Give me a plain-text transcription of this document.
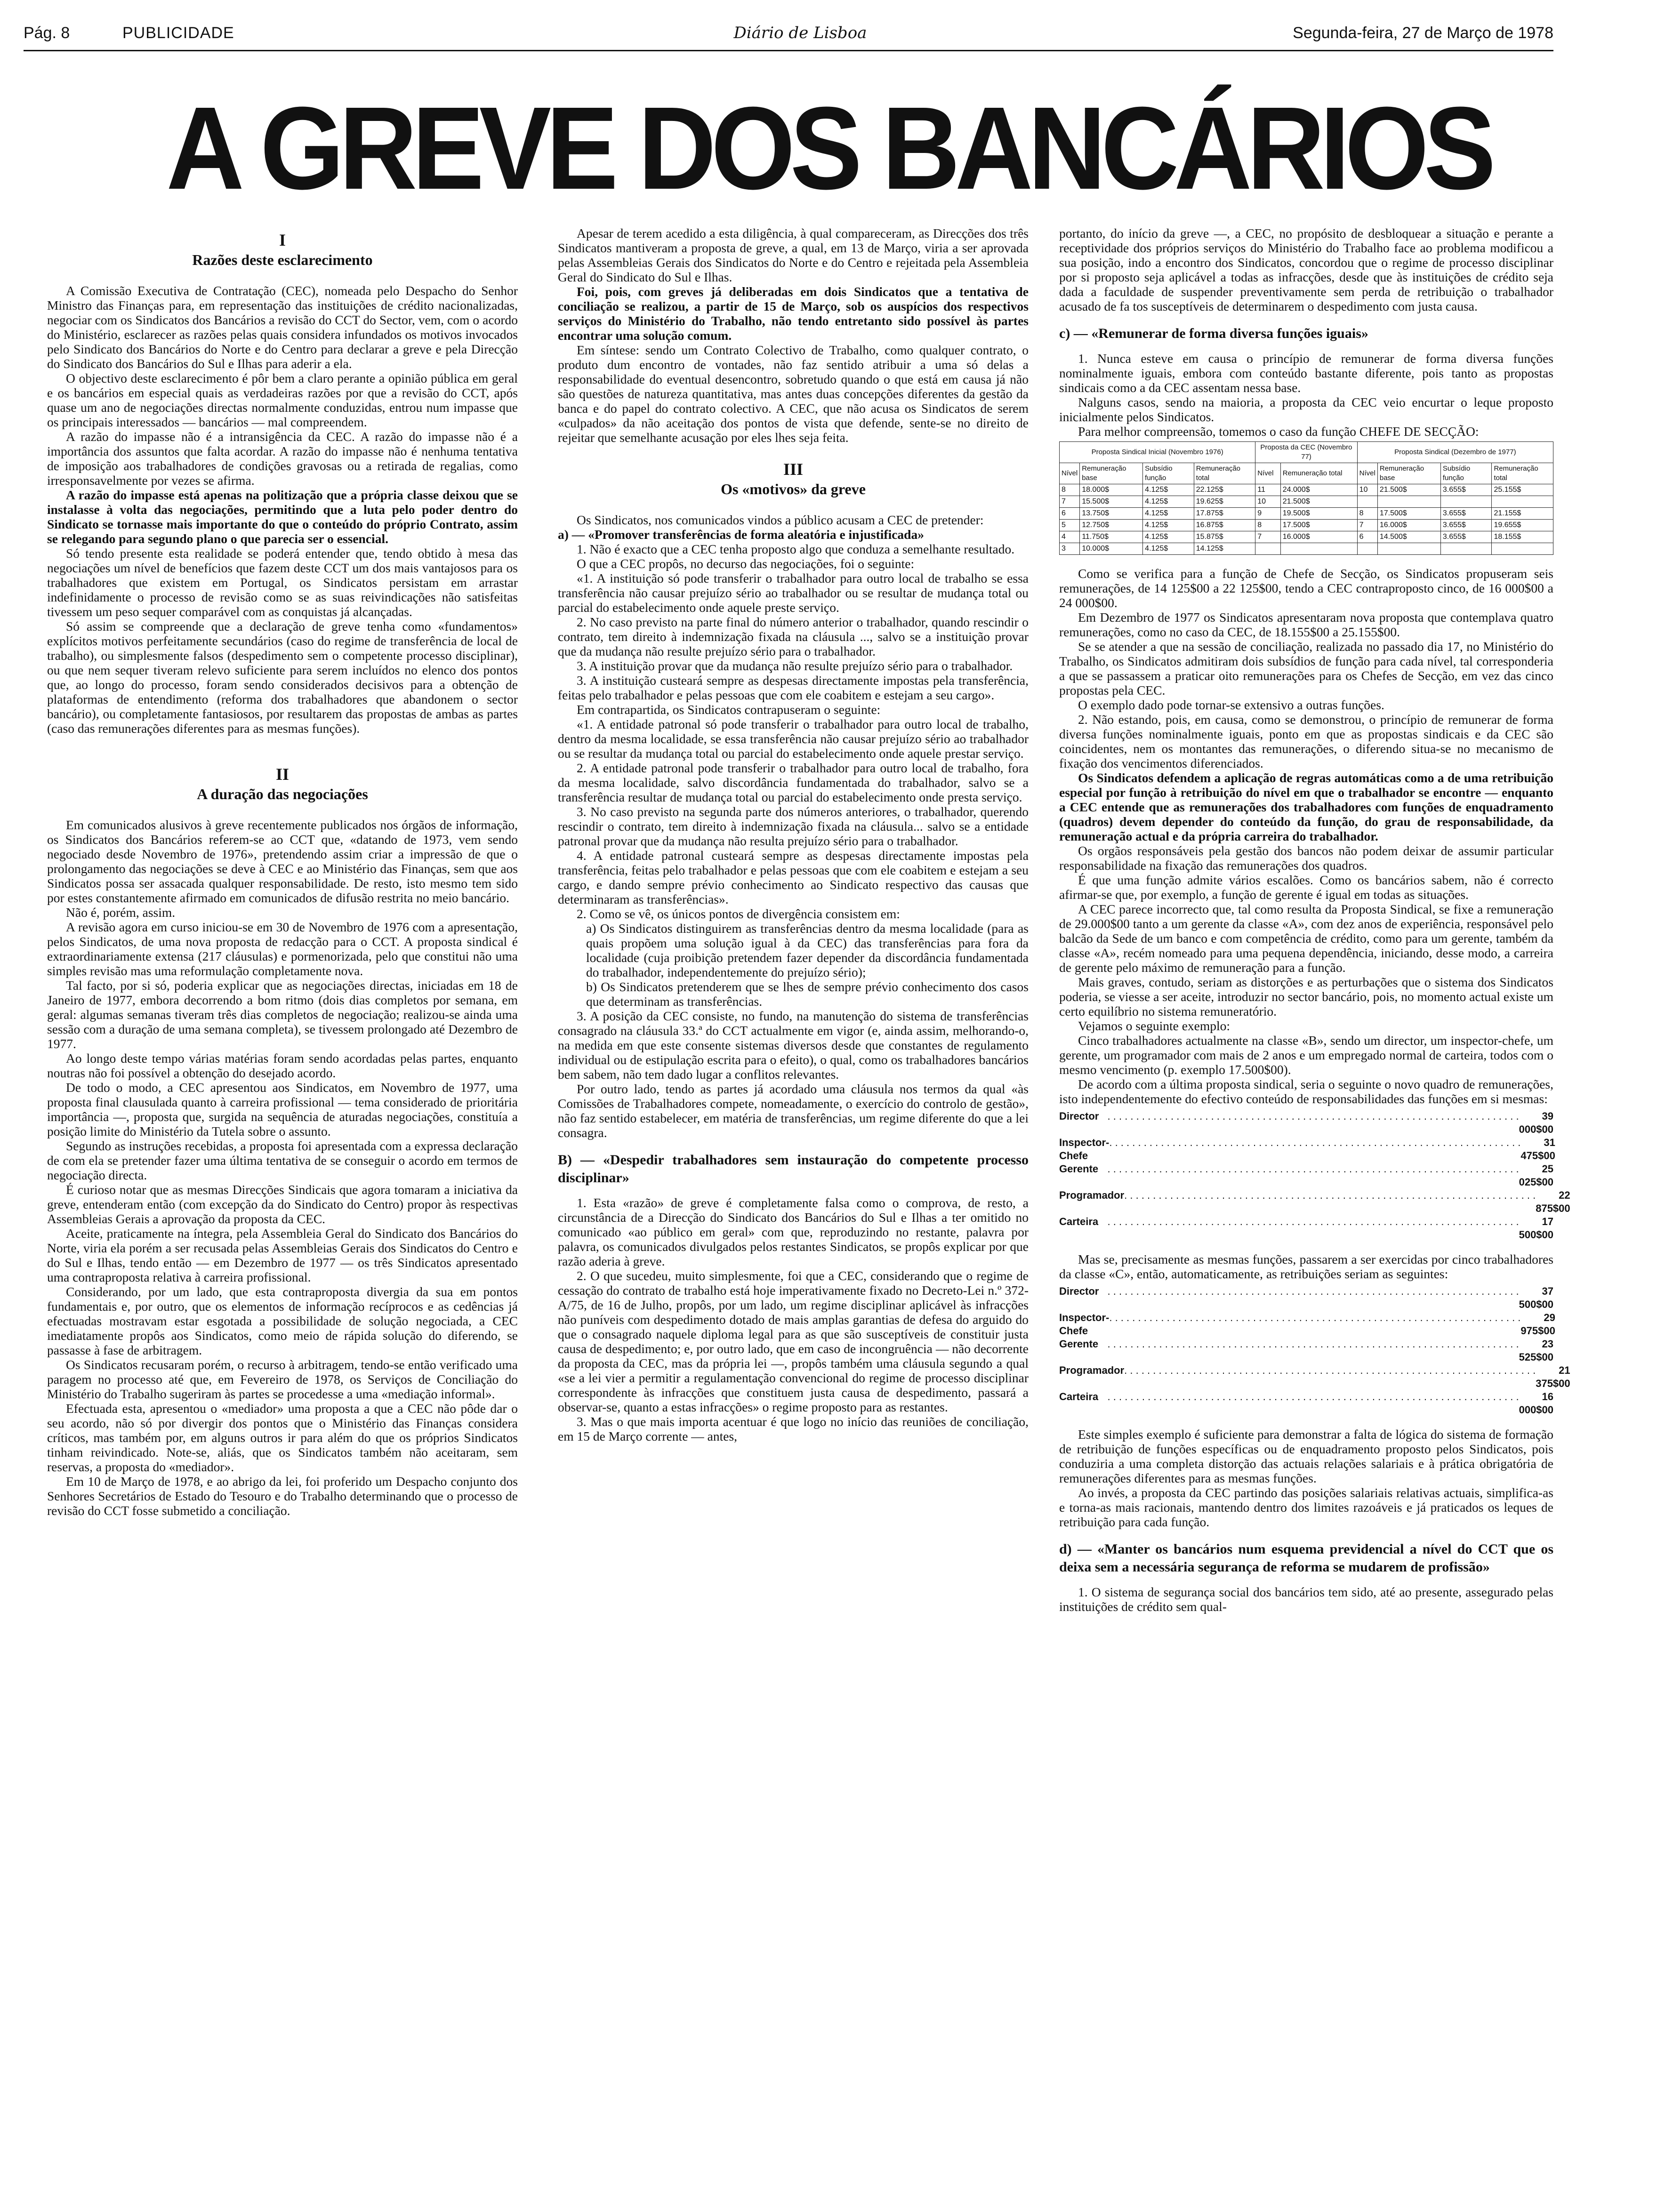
Pág. 8	PUBLICIDADE	Diário de Lisboa	Segunda-feira, 27 de Março de 1978
A GREVE DOS BANCÁRIOS
I
Razões deste esclarecimento

A Comissão Executiva de Contratação (CEC), nomeada pelo Despacho do Senhor Ministro das Finanças para, em representação das instituições de crédito nacionalizadas, negociar com os Sindicatos dos Bancários a revisão do CCT do Sector, vem, com o acordo do Ministério, esclarecer as razões pelas quais considera infundados os motivos invocados pelo Sindicato dos Bancários do Norte e do Centro para declarar a greve e pela Direcção do Sindicato dos Bancários do Sul e Ilhas para aderir a ela.

O objectivo deste esclarecimento é pôr bem a claro perante a opinião pública em geral e os bancários em especial quais as verdadeiras razões por que a revisão do CCT, após quase um ano de negociações directas normalmente conduzidas, entrou num impasse que os principais interessados — bancários — mal compreendem.

A razão do impasse não é a intransigência da CEC. A razão do impasse não é a importância dos assuntos que falta acordar. A razão do impasse não é nenhuma tentativa de imposição aos trabalhadores de condições gravosas ou a retirada de regalias, como irresponsavelmente por vezes se afirma.

A razão do impasse está apenas na politização que a própria classe deixou que se instalasse à volta das negociações, permitindo que a luta pelo poder dentro do Sindicato se tornasse mais importante do que o conteúdo do próprio Contrato, assim se relegando para segundo plano o que parecia ser o essencial.

Só tendo presente esta realidade se poderá entender que, tendo obtido à mesa das negociações um nível de benefícios que fazem deste CCT um dos mais vantajosos para os trabalhadores que existem em Portugal, os Sindicatos persistam em arrastar indefinidamente o processo de revisão como se as suas reivindicações não satisfeitas tivessem um peso sequer comparável com as conquistas já alcançadas.

Só assim se compreende que a declaração de greve tenha como «fundamentos» explícitos motivos perfeitamente secundários (caso do regime de transferência de local de trabalho), ou simplesmente falsos (despedimento sem o competente processo disciplinar), ou que nem sequer tiveram relevo suficiente para serem incluídos no elenco dos pontos que, ao longo do processo, foram sendo considerados decisivos para a obtenção de plataformas de entendimento (reforma dos trabalhadores que abandonem o sector bancário), ou completamente fantasiosos, por resultarem das propostas de ambas as partes (caso das remunerações diferentes para as mesmas funções).

II
A duração das negociações

Em comunicados alusivos à greve recentemente publicados nos órgãos de informação, os Sindicatos dos Bancários referem-se ao CCT que, «datando de 1973, vem sendo negociado desde Novembro de 1976», pretendendo assim criar a impressão de que o prolongamento das negociações se deve à CEC e ao Ministério das Finanças, sem que aos Sindicatos possa ser assacada qualquer responsabilidade. De resto, isto mesmo tem sido por estes constantemente afirmado em comunicados de difusão restrita no meio bancário.

Não é, porém, assim.

A revisão agora em curso iniciou-se em 30 de Novembro de 1976 com a apresentação, pelos Sindicatos, de uma nova proposta de redacção para o CCT. A proposta sindical é extraordinariamente extensa (217 cláusulas) e pormenorizada, pelo que constitui não uma simples revisão mas uma reformulação completamente nova.

Tal facto, por si só, poderia explicar que as negociações directas, iniciadas em 18 de Janeiro de 1977, embora decorrendo a bom ritmo (dois dias completos por semana, em geral: algumas semanas tiveram três dias completos de negociação; realizou-se ainda uma sessão com a duração de uma semana completa), se tivessem prolongado até Dezembro de 1977.

Ao longo deste tempo várias matérias foram sendo acordadas pelas partes, enquanto noutras não foi possível a obtenção do desejado acordo.

De todo o modo, a CEC apresentou aos Sindicatos, em Novembro de 1977, uma proposta final clausulada quanto à carreira profissional — tema considerado de prioritária importância —, proposta que, surgida na sequência de aturadas negociações, constituía a posição limite do Ministério da Tutela sobre o assunto.

Segundo as instruções recebidas, a proposta foi apresentada com a expressa declaração de com ela se pretender fazer uma última tentativa de se conseguir o acordo em termos de negociação directa.

É curioso notar que as mesmas Direcções Sindicais que agora tomaram a iniciativa da greve, entenderam então (com excepção da do Sindicato do Centro) propor às respectivas Assembleias Gerais a aprovação da proposta da CEC.

Aceite, praticamente na íntegra, pela Assembleia Geral do Sindicato dos Bancários do Norte, viria ela porém a ser recusada pelas Assembleias Gerais dos Sindicatos do Centro e do Sul e Ilhas, tendo então — em Dezembro de 1977 — os três Sindicatos apresentado uma contraproposta relativa à carreira profissional.

Considerando, por um lado, que esta contraproposta divergia da sua em pontos fundamentais e, por outro, que os elementos de informação recíprocos e as cedências já efectuadas mostravam estar esgotada a possibilidade de solução negociada, a CEC imediatamente propôs aos Sindicatos, como meio de rápida solução do diferendo, se passasse à fase de arbitragem.

Os Sindicatos recusaram porém, o recurso à arbitragem, tendo-se então verificado uma paragem no processo até que, em Fevereiro de 1978, os Serviços de Conciliação do Ministério do Trabalho sugeriram às partes se procedesse a uma «mediação informal».

Efectuada esta, apresentou o «mediador» uma proposta a que a CEC não pôde dar o seu acordo, não só por divergir dos pontos que o Ministério das Finanças considera críticos, mas também por, em alguns outros ir para além do que os próprios Sindicatos tinham reivindicado. Note-se, aliás, que os Sindicatos também não aceitaram, sem reservas, a proposta do «mediador».

Em 10 de Março de 1978, e ao abrigo da lei, foi proferido um Despacho conjunto dos Senhores Secretários de Estado do Tesouro e do Trabalho determinando que o processo de revisão do CCT fosse submetido a conciliação.

Apesar de terem acedido a esta diligência, à qual compareceram, as Direcções dos três Sindicatos mantiveram a proposta de greve, a qual, em 13 de Março, viria a ser aprovada pelas Assembleias Gerais dos Sindicatos do Norte e do Centro e rejeitada pela Assembleia Geral do Sindicato do Sul e Ilhas.

Foi, pois, com greves já deliberadas em dois Sindicatos que a tentativa de conciliação se realizou, a partir de 15 de Março, sob os auspícios dos respectivos serviços do Ministério do Trabalho, não tendo entretanto sido possível às partes encontrar uma solução comum.

Em síntese: sendo um Contrato Colectivo de Trabalho, como qualquer contrato, o produto dum encontro de vontades, não faz sentido atribuir a uma só delas a responsabilidade do eventual desencontro, sobretudo quando o que está em causa já não são questões de natureza quantitativa, mas antes duas concepções diferentes da gestão da banca e do papel do contrato colectivo. A CEC, que não acusa os Sindicatos de serem «culpados» da não aceitação dos pontos de vista que defende, sente-se no direito de rejeitar que semelhante acusação por eles lhes seja feita.

III
Os «motivos» da greve

Os Sindicatos, nos comunicados vindos a público acusam a CEC de pretender:

a) — «Promover transferências de forma aleatória e injustificada»

1. Não é exacto que a CEC tenha proposto algo que conduza a semelhante resultado.

O que a CEC propôs, no decurso das negociações, foi o seguinte:

«1. A instituição só pode transferir o trabalhador para outro local de trabalho se essa transferência não causar prejuízo sério ao trabalhador ou se resultar de mudança total ou parcial do estabelecimento onde aquele preste serviço.

2. No caso previsto na parte final do número anterior o trabalhador, quando rescindir o contrato, tem direito à indemnização fixada na cláusula ..., salvo se a instituição provar que da mudança não resulte prejuízo sério para o trabalhador.

3. A instituição provar que da mudança não resulte prejuízo sério para o trabalhador.

3. A instituição custeará sempre as despesas directamente impostas pela transferência, feitas pelo trabalhador e pelas pessoas que com ele coabitem e estejam a seu cargo».

Em contrapartida, os Sindicatos contrapuseram o seguinte:

«1. A entidade patronal só pode transferir o trabalhador para outro local de trabalho, dentro da mesma localidade, se essa transferência não causar prejuízo sério ao trabalhador ou se resultar da mudança total ou parcial do estabelecimento onde aquele prestar serviço.

2. A entidade patronal pode transferir o trabalhador para outro local de trabalho, fora da mesma localidade, salvo discordância fundamentada do trabalhador, salvo se a transferência resultar de mudança total ou parcial do estabelecimento onde presta serviço.

3. No caso previsto na segunda parte dos números anteriores, o trabalhador, querendo rescindir o contrato, tem direito à indemnização fixada na cláusula... salvo se a entidade patronal provar que da mudança não resulta prejuízo sério para o trabalhador.

4. A entidade patronal custeará sempre as despesas directamente impostas pela transferência, feitas pelo trabalhador e pelas pessoas que com ele coabitem e estejam a seu cargo, e dando sempre prévio conhecimento ao Sindicato respectivo das causas que determinaram as transferências».

2. Como se vê, os únicos pontos de divergência consistem em:

a) Os Sindicatos distinguirem as transferências dentro da mesma localidade (para as quais propõem uma solução igual à da CEC) das transferências para fora da localidade (cuja proibição pretendem fazer depender da discordância fundamentada do trabalhador, independentemente do prejuízo sério);

b) Os Sindicatos pretenderem que se lhes de sempre prévio conhecimento dos casos que determinam as transferências.

3. A posição da CEC consiste, no fundo, na manutenção do sistema de transferências consagrado na cláusula 33.ª do CCT actualmente em vigor (e, ainda assim, melhorando-o, na medida em que este consente sistemas diversos desde que constantes de regulamento individual ou de estipulação escrita para o efeito), o qual, como os trabalhadores bancários bem sabem, não tem dado lugar a conflitos relevantes.

Por outro lado, tendo as partes já acordado uma cláusula nos termos da qual «às Comissões de Trabalhadores compete, nomeadamente, o exercício do controlo de gestão», não faz sentido estabelecer, em matéria de transferências, um regime diferente do que a lei consagra.

B) — «Despedir trabalhadores sem instauração do competente processo disciplinar»

1. Esta «razão» de greve é completamente falsa como o comprova, de resto, a circunstância de a Direcção do Sindicato dos Bancários do Sul e Ilhas a ter omitido no comunicado «ao público em geral» com que, reproduzindo no restante, palavra por palavra, os comunicados divulgados pelos restantes Sindicatos, se propôs explicar por que razão aderia à greve.

2. O que sucedeu, muito simplesmente, foi que a CEC, considerando que o regime de cessação do contrato de trabalho está hoje imperativamente fixado no Decreto-Lei n.º 372-A/75, de 16 de Julho, propôs, por um lado, um regime disciplinar aplicável às infracções não puníveis com despedimento dotado de mais amplas garantias de defesa do arguido do que o consagrado naquele diploma legal para as que são susceptíveis de constituir justa causa de despedimento; e, por outro lado, que em caso de incongruência — não decorrente da proposta da CEC, mas da própria lei —, propôs também uma cláusula segundo a qual «se a lei vier a permitir a regulamentação convencional do regime de processo disciplinar correspondente às infracções que constituem justa causa de despedimento, passará a observar-se, quanto a estas infracções» o regime proposto para as restantes.

3. Mas o que mais importa acentuar é que logo no início das reuniões de conciliação, em 15 de Março corrente — antes,

portanto, do início da greve —, a CEC, no propósito de desbloquear a situação e perante a receptividade dos próprios serviços do Ministério do Trabalho face ao problema modificou a sua posição, indo a encontro dos Sindicatos, concordou que o regime de processo disciplinar por si proposto seja aplicável a todas as infracções, desde que às instituições de crédito seja dada a faculdade de suspender preventivamente sem perda de retribuição o trabalhador acusado de fa tos susceptíveis de determinarem o despedimento com justa causa.

c) — «Remunerar de forma diversa funções iguais»

1. Nunca esteve em causa o princípio de remunerar de forma diversa funções nominalmente iguais, embora com conteúdo bastante diferente, pois tanto as propostas sindicais como a da CEC assentam nessa base.

Nalguns casos, sendo na maioria, a proposta da CEC veio encurtar o leque proposto inicialmente pelos Sindicatos.

Para melhor compreensão, tomemos o caso da função CHEFE DE SECÇÃO:

Proposta Sindical Inicial (Novembro 1976)				Proposta da CEC (Novembro 77)		Proposta Sindical (Dezembro de 1977)			
Nível	Remuneração base	Subsídio função	Remuneração total	Nível	Remuneração total	Nível	Remuneração base	Subsídio função	Remuneração total
8	18.000$	4.125$	22.125$	11	24.000$	10	21.500$	3.655$	25.155$
7	15.500$	4.125$	19.625$	10	21.500$				
6	13.750$	4.125$	17.875$	9	19.500$	8	17.500$	3.655$	21.155$
5	12.750$	4.125$	16.875$	8	17.500$	7	16.000$	3.655$	19.655$
4	11.750$	4.125$	15.875$	7	16.000$	6	14.500$	3.655$	18.155$
3	10.000$	4.125$	14.125$						

Como se verifica para a função de Chefe de Secção, os Sindicatos propuseram seis remunerações, de 14 125$00 a 22 125$00, tendo a CEC contraproposto cinco, de 16 000$00 a 24 000$00.

Em Dezembro de 1977 os Sindicatos apresentaram nova proposta que contemplava quatro remunerações, como no caso da CEC, de 18.155$00 a 25.155$00.

Se se atender a que na sessão de conciliação, realizada no passado dia 17, no Ministério do Trabalho, os Sindicatos admitiram dois subsídios de função para cada nível, tal corresponderia a que se passassem a praticar oito remunerações para os Chefes de Secção, em vez das cinco propostas pela CEC.

O exemplo dado pode tornar-se extensivo a outras funções.

2. Não estando, pois, em causa, como se demonstrou, o princípio de remunerar de forma diversa funções nominalmente iguais, ponto em que as propostas sindicais e da CEC são coincidentes, nem os montantes das remunerações, o diferendo situa-se no mecanismo de fixação dos vencimentos diferenciados.

Os Sindicatos defendem a aplicação de regras automáticas como a de uma retribuição especial por função à retribuição do nível em que o trabalhador se encontre — enquanto a CEC entende que as remunerações dos trabalhadores com funções de enquadramento (quadros) devem depender do conteúdo da função, do grau de responsabilidade, da remuneração actual e da própria carreira do trabalhador.

Os orgãos responsáveis pela gestão dos bancos não podem deixar de assumir particular responsabilidade na fixação das remunerações dos quadros.

É que uma função admite vários escalões. Como os bancários sabem, não é correcto afirmar-se que, por exemplo, a função de gerente é igual em todas as situações.

A CEC parece incorrecto que, tal como resulta da Proposta Sindical, se fixe a remuneração de 29.000$00 tanto a um gerente da classe «A», com dez anos de experiência, responsável pelo balcão da Sede de um banco e com competência de crédito, como para um gerente, também da classe «A», recém nomeado para uma pequena dependência, iniciando, desse modo, a carreira de gerente pelo máximo de remuneração para a função.

Mais graves, contudo, seriam as distorções e as perturbações que o sistema dos Sindicatos poderia, se viesse a ser aceite, introduzir no sector bancário, pois, no momento actual existe um certo equilíbrio no sistema remuneratório.

Vejamos o seguinte exemplo:

Cinco trabalhadores actualmente na classe «B», sendo um director, um inspector-chefe, um gerente, um programador com mais de 2 anos e um empregado normal de carteira, todos com o mesmo vencimento (p. exemplo 17.500$00).

De acordo com a última proposta sindical, seria o seguinte o novo quadro de remunerações, isto independentemente do efectivo conteúdo de responsabilidades das funções em si mesmas:

Director . . . . . . . . . . . . . . . . . . . . . . . . . . . . . . . . . . . . . . . . . . . . . . . . . . . . . . . . . . . . . . . . . . . . . . . .	39 000$00
Inspector-Chefe
. . . . . . . . . . . . . . . . . . . . . . . . . . . . . . . . . . . . . . . . . . . . . . . . . . . . . . . . . . . . . . . . . . . . . . . .	31 475$00
Gerente . . . . . . . . . . . . . . . . . . . . . . . . . . . . . . . . . . . . . . . . . . . . . . . . . . . . . . . . . . . . . . . . . . . . . . . .	25 025$00
Programador . . . . . . . . . . . . . . . . . . . . . . . . . . . . . . . . . . . . . . . . . . . . . . . . . . . . . . . . . . . . . . . . . . . . . . . .	22 875$00
Carteira . . . . . . . . . . . . . . . . . . . . . . . . . . . . . . . . . . . . . . . . . . . . . . . . . . . . . . . . . . . . . . . . . . . . . . . .	17 500$00

Mas se, precisamente as mesmas funções, passarem a ser exercidas por cinco trabalhadores da classe «C», então, automaticamente, as retribuições seriam as seguintes:

Director . . . . . . . . . . . . . . . . . . . . . . . . . . . . . . . . . . . . . . . . . . . . . . . . . . . . . . . . . . . . . . . . . . . . . . . .	37 500$00
Inspector-Chefe
. . . . . . . . . . . . . . . . . . . . . . . . . . . . . . . . . . . . . . . . . . . . . . . . . . . . . . . . . . . . . . . . . . . . . . . .	29 975$00
Gerente . . . . . . . . . . . . . . . . . . . . . . . . . . . . . . . . . . . . . . . . . . . . . . . . . . . . . . . . . . . . . . . . . . . . . . . .	23 525$00
Programador . . . . . . . . . . . . . . . . . . . . . . . . . . . . . . . . . . . . . . . . . . . . . . . . . . . . . . . . . . . . . . . . . . . . . . . .	21 375$00
Carteira . . . . . . . . . . . . . . . . . . . . . . . . . . . . . . . . . . . . . . . . . . . . . . . . . . . . . . . . . . . . . . . . . . . . . . . .	16 000$00

Este simples exemplo é suficiente para demonstrar a falta de lógica do sistema de formação de retribuição de funções específicas ou de enquadramento proposto pelos Sindicatos, pois conduziria a uma completa distorção das actuais relações salariais e à prática obrigatória de remunerações diferentes para as mesmas funções.

Ao invés, a proposta da CEC partindo das posições salariais relativas actuais, simplifica-as e torna-as mais racionais, mantendo dentro dos limites razoáveis e já praticados os leques de retribuição para cada função.

d) — «Manter os bancários num esquema previdencial a nível do CCT que os deixa sem a necessária segurança de reforma se mudarem de profissão»

1. O sistema de segurança social dos bancários tem sido, até ao presente, assegurado pelas instituições de crédito sem qual-
